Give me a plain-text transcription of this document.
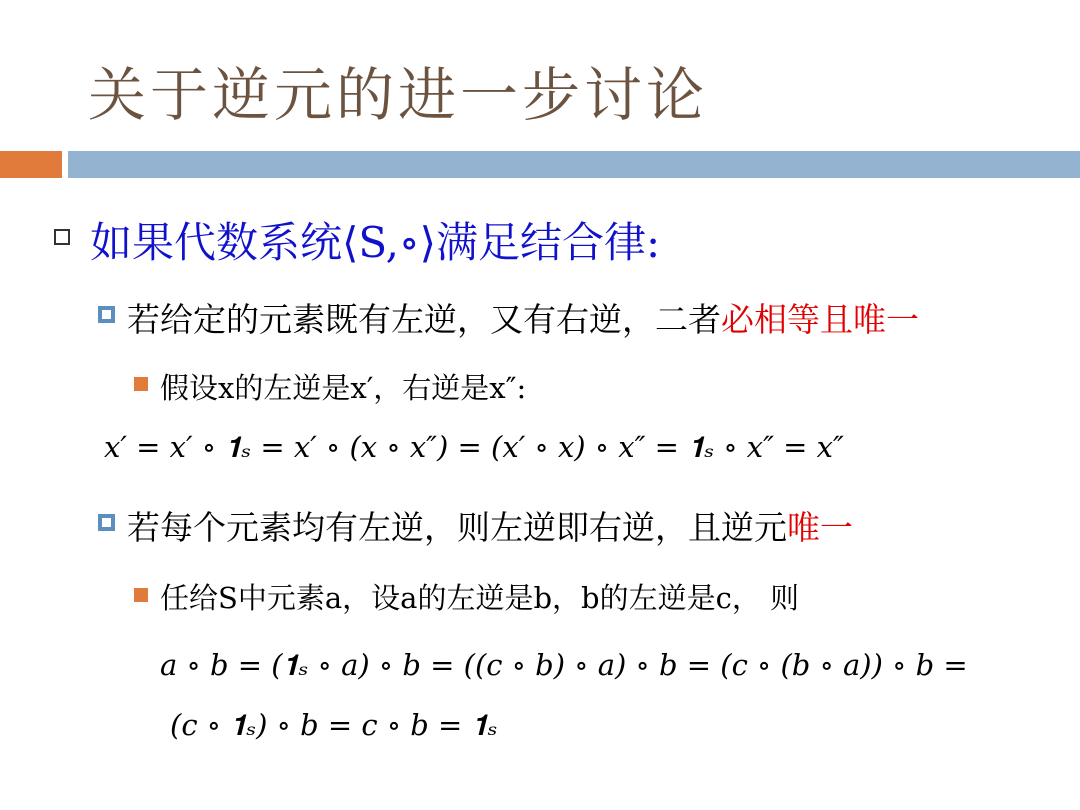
关于逆元的进一步讨论
如果代数系统⟨S,∘⟩满足结合律:
若给定的元素既有左逆，又有右逆，二者必相等且唯一
假设x的左逆是x′，右逆是x″:
x′ = x′ ∘ 𝟏ₛ = x′ ∘ (x ∘ x″) = (x′ ∘ x) ∘ x″ = 𝟏ₛ ∘ x″ = x″
若每个元素均有左逆，则左逆即右逆，且逆元唯一
任给S中元素a，设a的左逆是b，b的左逆是c， 则
a ∘ b = (𝟏ₛ ∘ a) ∘ b = ((c ∘ b) ∘ a) ∘ b = (c ∘ (b ∘ a)) ∘ b =
(c ∘ 𝟏ₛ) ∘ b = c ∘ b = 𝟏ₛ
